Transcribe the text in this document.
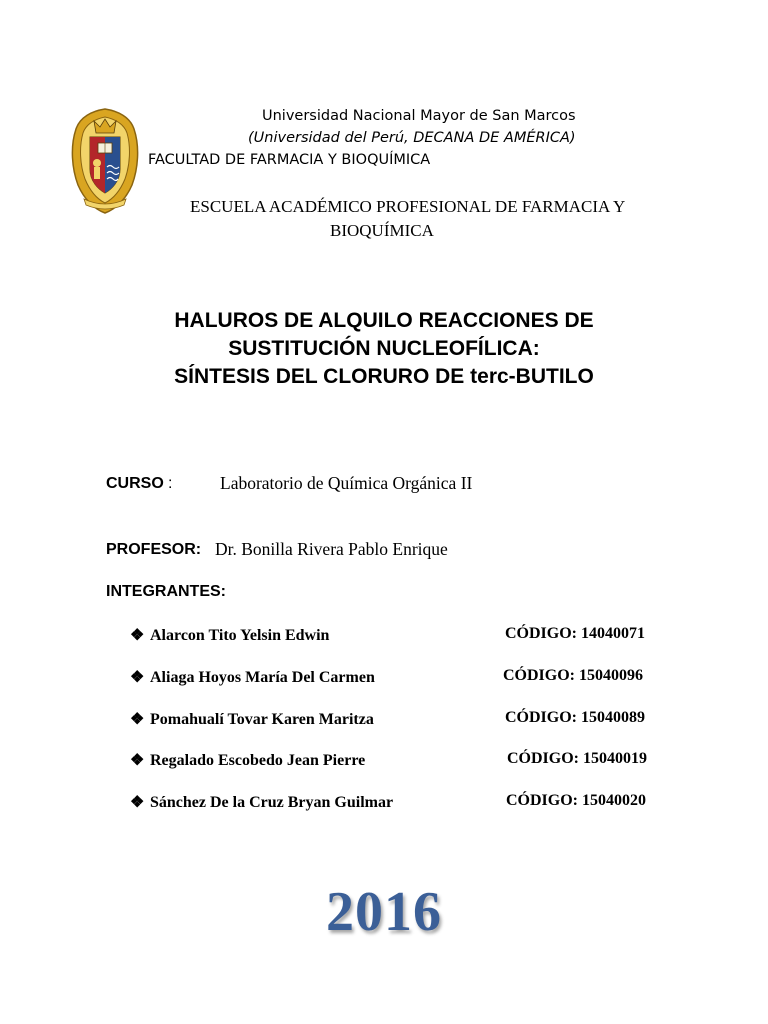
Universidad Nacional Mayor de San Marcos
(Universidad del Perú, DECANA DE AMÉRICA)
FACULTAD DE FARMACIA Y BIOQUÍMICA
ESCUELA ACADÉMICO PROFESIONAL DE FARMACIA Y
BIOQUÍMICA
HALUROS DE ALQUILO REACCIONES DE
SUSTITUCIÓN NUCLEOFÍLICA:
SÍNTESIS DEL CLORURO DE terc-BUTILO
CURSO :	Laboratorio de Química Orgánica II
PROFESOR: Dr. Bonilla Rivera Pablo Enrique
INTEGRANTES:
❖ Alarcon Tito Yelsin Edwin	CÓDIGO: 14040071
❖ Aliaga Hoyos María Del Carmen	CÓDIGO: 15040096
❖ Pomahualí Tovar Karen Maritza	CÓDIGO: 15040089
❖ Regalado Escobedo Jean Pierre	CÓDIGO: 15040019
❖ Sánchez De la Cruz Bryan Guilmar	CÓDIGO: 15040020
2016
